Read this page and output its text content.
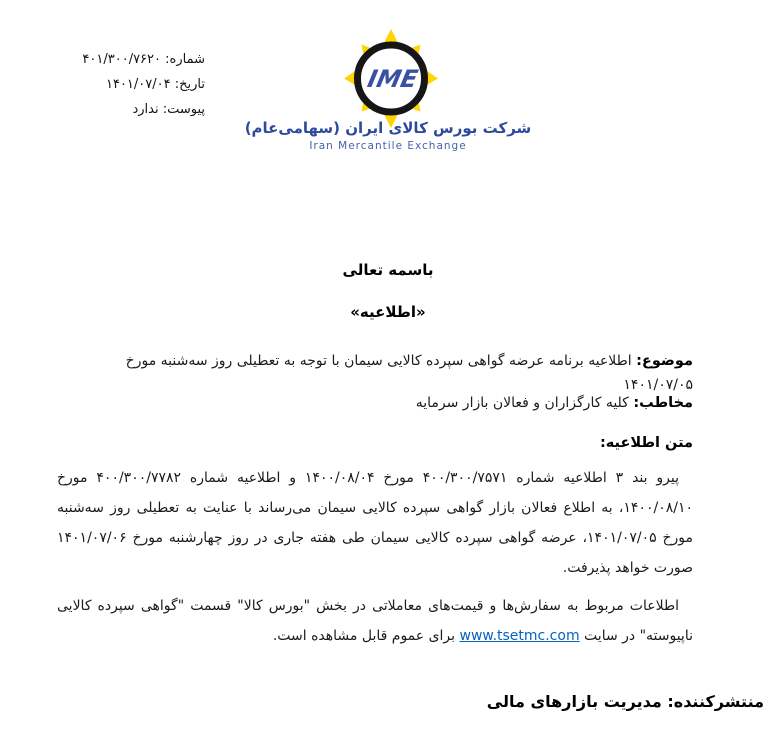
شماره: ۴۰۱/۳۰۰/۷۶۲۰
تاریخ: ۱۴۰۱/۰۷/۰۴
پیوست: ندارد
IME
شرکت بورس کالای ایران (سهامی‌عام)
Iran Mercantile Exchange
باسمه تعالی
«اطلاعیه»
موضوع: اطلاعیه برنامه عرضه گواهی سپرده کالایی سیمان با توجه به تعطیلی روز سه‌شنبه مورخ ۱۴۰۱/۰۷/۰۵
مخاطب: کلیه کارگزاران و فعالان بازار سرمایه
متن اطلاعیه:
پیرو بند ۳ اطلاعیه شماره ۴۰۰/۳۰۰/۷۵۷۱ مورخ ۱۴۰۰/۰۸/۰۴ و اطلاعیه شماره ۴۰۰/۳۰۰/۷۷۸۲ مورخ ۱۴۰۰/۰۸/۱۰، به اطلاع فعالان بازار گواهی سپرده کالایی سیمان می‌رساند با عنایت به تعطیلی روز سه‌شنبه مورخ ۱۴۰۱/۰۷/۰۵، عرضه گواهی سپرده کالایی سیمان طی هفته جاری در روز چهارشنبه مورخ ۱۴۰۱/۰۷/۰۶ صورت خواهد پذیرفت.
اطلاعات مربوط به سفارش‌ها و قیمت‌های معاملاتی در بخش "بورس کالا" قسمت "گواهی سپرده کالایی ناپیوسته" در سایت www.tsetmc.com برای عموم قابل مشاهده است.
منتشرکننده: مدیریت بازارهای مالی
